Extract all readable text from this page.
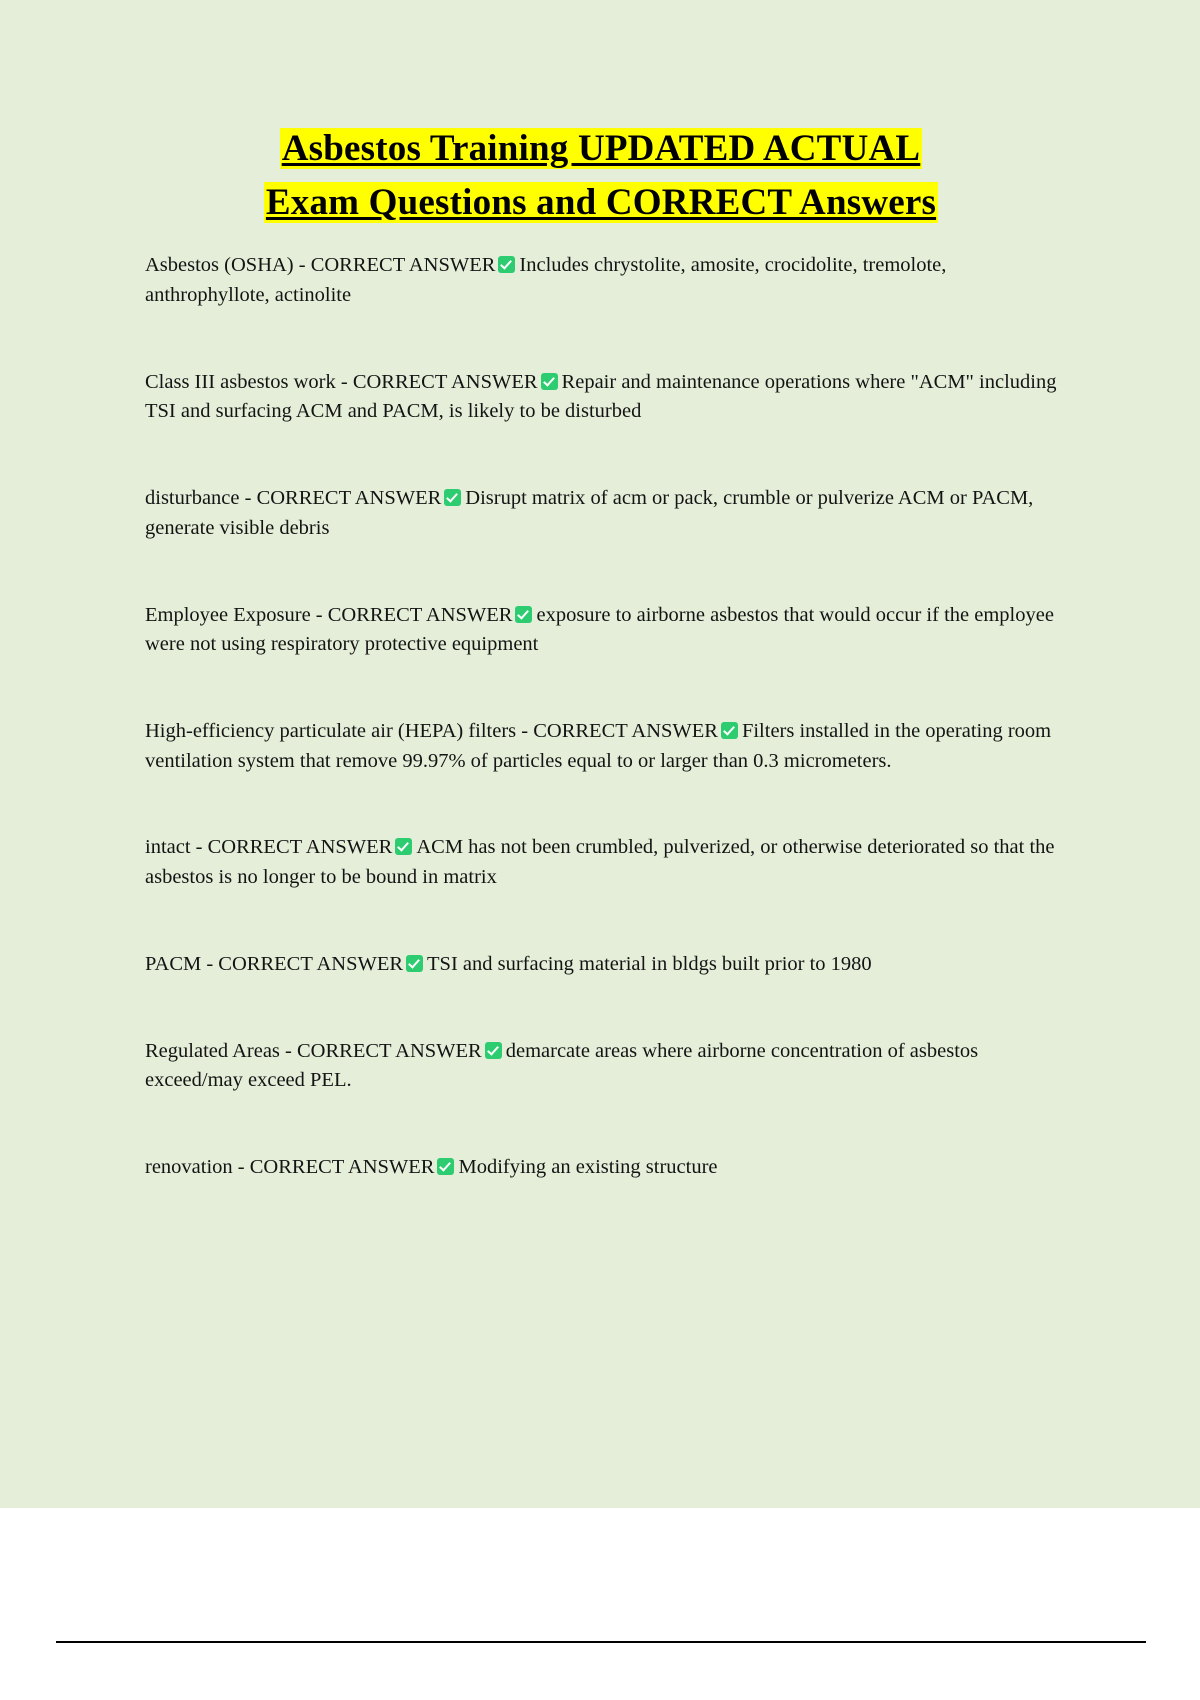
Asbestos Training UPDATED ACTUAL
Exam Questions and CORRECT Answers
Asbestos (OSHA) - CORRECT ANSWER Includes chrystolite, amosite, crocidolite, tremolote, anthrophyllote, actinolite
Class III asbestos work - CORRECT ANSWER Repair and maintenance operations where "ACM" including TSI and surfacing ACM and PACM, is likely to be disturbed
disturbance - CORRECT ANSWER Disrupt matrix of acm or pack, crumble or pulverize ACM or PACM, generate visible debris
Employee Exposure - CORRECT ANSWER exposure to airborne asbestos that would occur if the employee were not using respiratory protective equipment
High-efficiency particulate air (HEPA) filters - CORRECT ANSWER Filters installed in the operating room ventilation system that remove 99.97% of particles equal to or larger than 0.3 micrometers.
intact - CORRECT ANSWER ACM has not been crumbled, pulverized, or otherwise deteriorated so that the asbestos is no longer to be bound in matrix
PACM - CORRECT ANSWER TSI and surfacing material in bldgs built prior to 1980
Regulated Areas - CORRECT ANSWER demarcate areas where airborne concentration of asbestos exceed/may exceed PEL.
renovation - CORRECT ANSWER Modifying an existing structure
